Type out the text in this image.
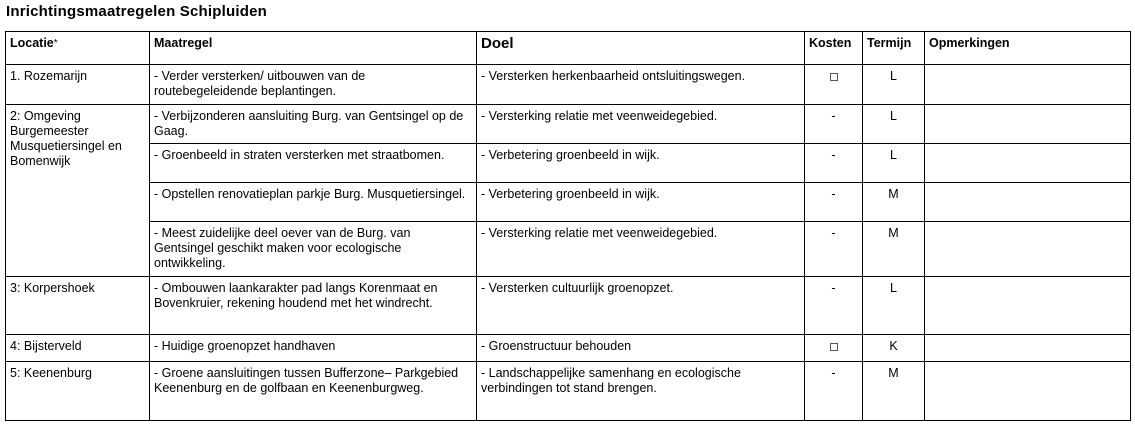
Inrichtingsmaatregelen Schipluiden
Locatie*	Maatregel	Doel	Kosten	Termijn	Opmerkingen
1. Rozemarijn	- Verder versterken/ uitbouwen van de routebegeleidende beplantingen.	- Versterken herkenbaarheid ontsluitingswegen.		L	
2: Omgeving Burgemeester Musquetiersingel en Bomenwijk	- Verbijzonderen aansluiting Burg. van Gentsingel op de Gaag.	- Versterking relatie met veenweidegebied.	-	L	
	- Groenbeeld in straten versterken met straatbomen.	- Verbetering groenbeeld in wijk.	-	L	
	- Opstellen renovatieplan parkje Burg. Musquetiersingel.	- Verbetering groenbeeld in wijk.	-	M	
	- Meest zuidelijke deel oever van de Burg. van Gentsingel geschikt maken voor ecologische ontwikkeling.	- Versterking relatie met veenweidegebied.	-	M	
3: Korpershoek	- Ombouwen laankarakter pad langs Korenmaat en Bovenkruier, rekening houdend met het windrecht.	- Versterken cultuurlijk groenopzet.	-	L	
4: Bijsterveld	- Huidige groenopzet handhaven	- Groenstructuur behouden		K	
5: Keenenburg	- Groene aansluitingen tussen Bufferzone– Parkgebied Keenenburg en de golfbaan en Keenenburgweg.	- Landschappelijke samenhang en ecologische verbindingen tot stand brengen.	-	M	
